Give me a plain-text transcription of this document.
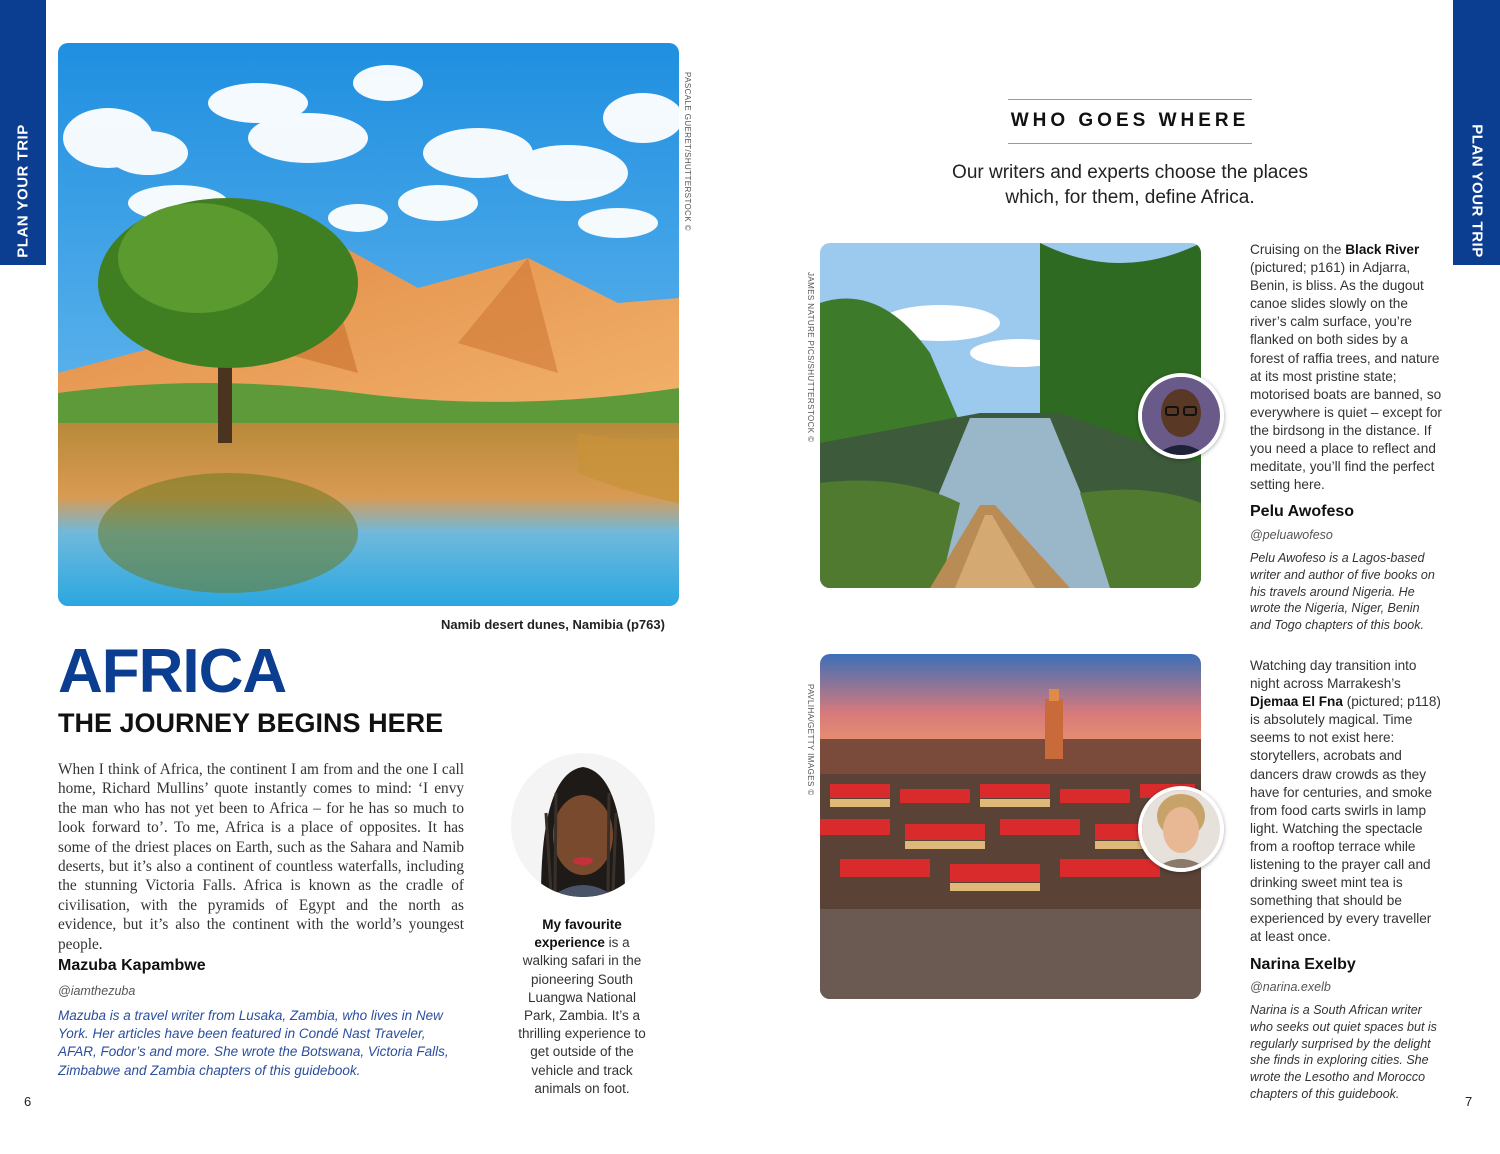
PLAN YOUR TRIP	PLAN YOUR TRIP
PASCALE GUERET/SHUTTERSTOCK ©
Namib desert dunes, Namibia (p763)
AFRICA
THE JOURNEY BEGINS HERE
When I think of Africa, the continent I am from and the one I call home, Richard Mullins’ quote instantly comes to mind: ‘I envy the man who has not yet been to Africa – for he has so much to look forward to’. To me, Africa is a place of opposites. It has some of the driest places on Earth, such as the Sahara and Namib deserts, but it’s also a continent of countless waterfalls, including the stunning Victoria Falls. Africa is known as the cradle of civilisation, with the pyramids of Egypt and the north as evidence, but it’s also the continent with the world’s youngest people.
Mazuba Kapambwe
@iamthezuba
Mazuba is a travel writer from Lusaka, Zambia, who lives in New York. Her articles have been featured in Condé Nast Traveler, AFAR, Fodor’s and more. She wrote the Botswana, Victoria Falls, Zimbabwe and Zambia chapters of this guidebook.
My favourite experience is a walking safari in the pioneering South Luangwa National Park, Zambia. It’s a thrilling experience to get outside of the vehicle and track animals on foot.
6	7
WHO GOES WHERE
Our writers and experts choose the places which, for them, define Africa.
JAMES NATURE PICS/SHUTTERSTOCK ©
Cruising on the Black River (pictured; p161) in Adjarra, Benin, is bliss. As the dugout canoe slides slowly on the river’s calm surface, you’re flanked on both sides by a forest of raffia trees, and nature at its most pristine state; motorised boats are banned, so everywhere is quiet – except for the birdsong in the distance. If you need a place to reflect and meditate, you’ll find the perfect setting here.
Pelu Awofeso
@peluawofeso
Pelu Awofeso is a Lagos-based writer and author of five books on his travels around Nigeria. He wrote the Nigeria, Niger, Benin and Togo chapters of this book.
PAVLIHA/GETTY IMAGES ©
Watching day transition into night across Marrakesh’s Djemaa El Fna (pictured; p118) is absolutely magical. Time seems to not exist here: storytellers, acrobats and dancers draw crowds as they have for centuries, and smoke from food carts swirls in lamp light. Watching the spectacle from a rooftop terrace while listening to the prayer call and drinking sweet mint tea is something that should be experienced by every traveller at least once.
Narina Exelby
@narina.exelb
Narina is a South African writer who seeks out quiet spaces but is regularly surprised by the delight she finds in exploring cities. She wrote the Lesotho and Morocco chapters of this guidebook.
